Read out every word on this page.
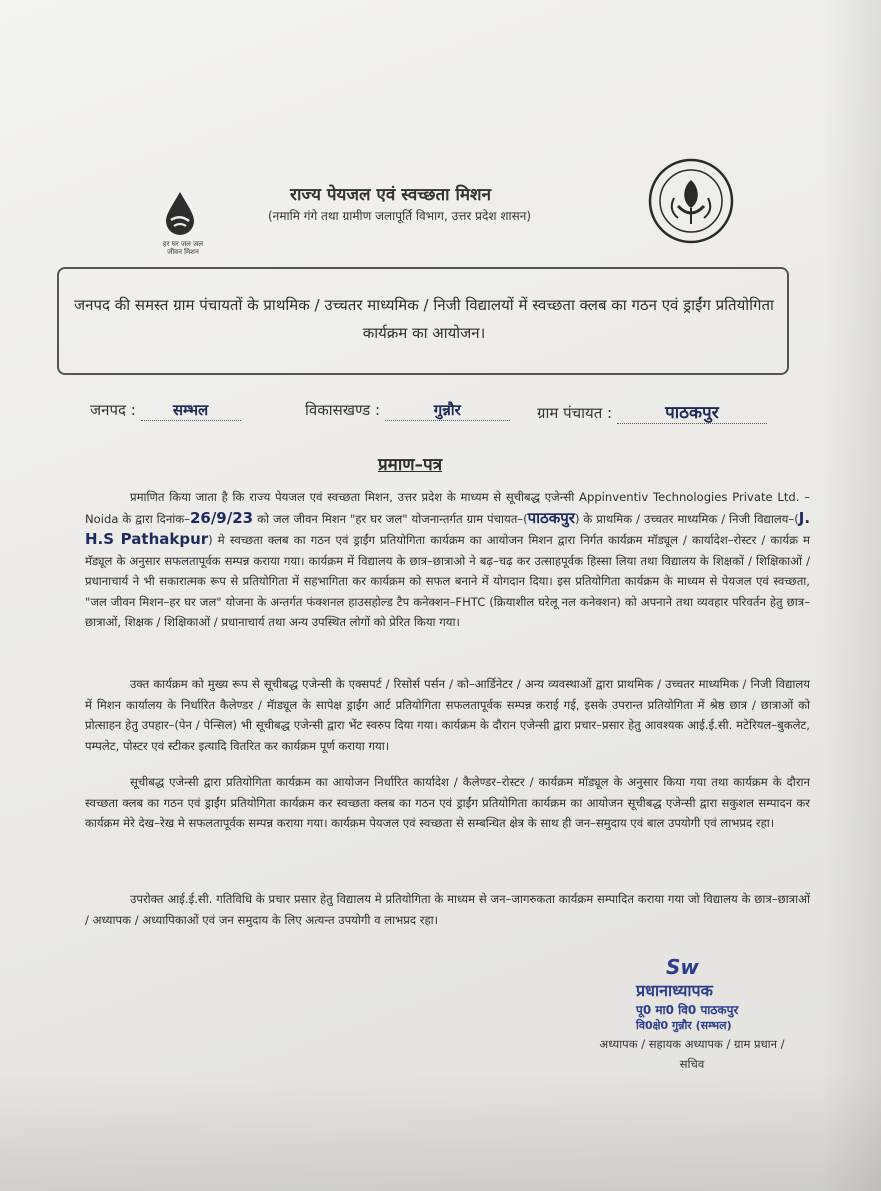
हर घर जल जल जीवन मिशन
राज्य पेयजल एवं स्वच्छता मिशन
(नमामि गंगे तथा ग्रामीण जलापूर्ति विभाग, उत्तर प्रदेश शासन)
जनपद की समस्त ग्राम पंचायतों के प्राथमिक / उच्चतर माध्यमिक / निजी विद्यालयों में स्वच्छता क्लब का गठन एवं ड्राईंग प्रतियोगिता कार्यक्रम का आयोजन।
जनपद : सम्भल	विकासखण्ड :	गुन्नौर	ग्राम पंचायत :	पाठकपुर
प्रमाण–पत्र
प्रमाणित किया जाता है कि राज्य पेयजल एवं स्वच्छता मिशन, उत्तर प्रदेश के माध्यम से सूचीबद्ध एजेन्सी Appinventiv Technologies Private Ltd. – Noida के द्वारा दिनांक–26/9/23 को जल जीवन मिशन "हर घर जल" योजनान्तर्गत ग्राम पंचायत–(पाठकपुर) के प्राथमिक / उच्चतर माध्यमिक / निजी विद्यालय–(J. H.S Pathakpur) मे स्वच्छता क्लब का गठन एवं ड्राईंग प्रतियोगिता कार्यक्रम का आयोजन मिशन द्वारा निर्गत कार्यक्रम मॉड्यूल / कार्यादेश–रोस्टर / कार्यक्र म मॅड्यूल के अनुसार सफलतापूर्वक सम्पन्न कराया गया। कार्यक्रम में विद्यालय के छात्र–छात्राओ ने बढ़–चढ़ कर उत्साहपूर्वक हिस्सा लिया तथा विद्यालय के शिक्षकों / शिक्षिकाओं / प्रधानाचार्य ने भी सकारात्मक रूप से प्रतियोगिता में सहभागिता कर कार्यक्रम को सफल बनाने में योगदान दिया। इस प्रतियोगिता कार्यक्रम के माध्यम से पेयजल एवं स्वच्छता, "जल जीवन मिशन–हर घर जल" योजना के अन्तर्गत फंक्शनल हाउसहोल्ड टैप कनेक्शन–FHTC (क्रियाशील घरेलू नल कनेक्शन) को अपनाने तथा व्यवहार परिवर्तन हेतु छात्र–छात्राओं, शिक्षक / शिक्षिकाओं / प्रधानाचार्य तथा अन्य उपस्थित लोगों को प्रेरित किया गया।
उक्त कार्यक्रम को मुख्य रूप से सूचीबद्ध एजेन्सी के एक्सपर्ट / रिसोर्स पर्सन / को–आर्डिनेटर / अन्य व्यवस्थाओं द्वारा प्राथमिक / उच्चतर माध्यमिक / निजी विद्यालय में मिशन कार्यालय के निर्धारित कैलेण्डर / मॅाड्यूल के सापेक्ष ड्राईंग आर्ट प्रतियोगिता सफलतापूर्वक सम्पन्न कराई गई, इसके उपरान्त प्रतियोगिता में श्रेष्ठ छात्र / छात्राओं को प्रोत्साहन हेतु उपहार–(पेन / पेन्सिल) भी सूचीबद्ध एजेन्सी द्वारा भेंट स्वरुप दिया गया। कार्यक्रम के दौरान एजेन्सी द्वारा प्रचार–प्रसार हेतु आवश्यक आई.ई.सी. मटेरियल–बुकलेट, पम्पलेट, पोस्टर एवं स्टीकर इत्यादि वितरित कर कार्यक्रम पूर्ण कराया गया।
सूचीबद्ध एजेन्सी द्वारा प्रतियोगिता कार्यक्रम का आयोजन निर्धारित कार्यादेश / कैलेण्डर–रोस्टर / कार्यक्रम मॉड्यूल के अनुसार किया गया तथा कार्यक्रम के दौरान स्वच्छता क्लब का गठन एवं ड्राईंग प्रतियोगिता कार्यक्रम कर स्वच्छता क्लब का गठन एवं ड्राईंग प्रतियोगिता कार्यक्रम का आयोजन सूचीबद्ध एजेन्सी द्वारा सकुशल सम्पादन कर कार्यक्रम मेरे देख–रेख मे सफलतापूर्वक सम्पन्न कराया गया। कार्यक्रम पेयजल एवं स्वच्छता से सम्बन्धित क्षेत्र के साथ ही जन–समुदाय एवं बाल उपयोगी एवं लाभप्रद रहा।
उपरोक्त आई.ई.सी. गतिविधि के प्रचार प्रसार हेतु विद्यालय मे प्रतियोगिता के माध्यम से जन–जागरुकता कार्यक्रम सम्पादित कराया गया जो विद्यालय के छात्र–छात्राओं / अध्यापक / अध्यापिकाओं एवं जन समुदाय के लिए अत्यन्त उपयोगी व लाभप्रद रहा।
Sw
प्रधानाध्यापक
पू0 मा0 वि0 पाठकपुर
वि0क्षे0 गुन्नौर (सम्भल)
अध्यापक / सहायक अध्यापक / ग्राम प्रधान / सचिव
